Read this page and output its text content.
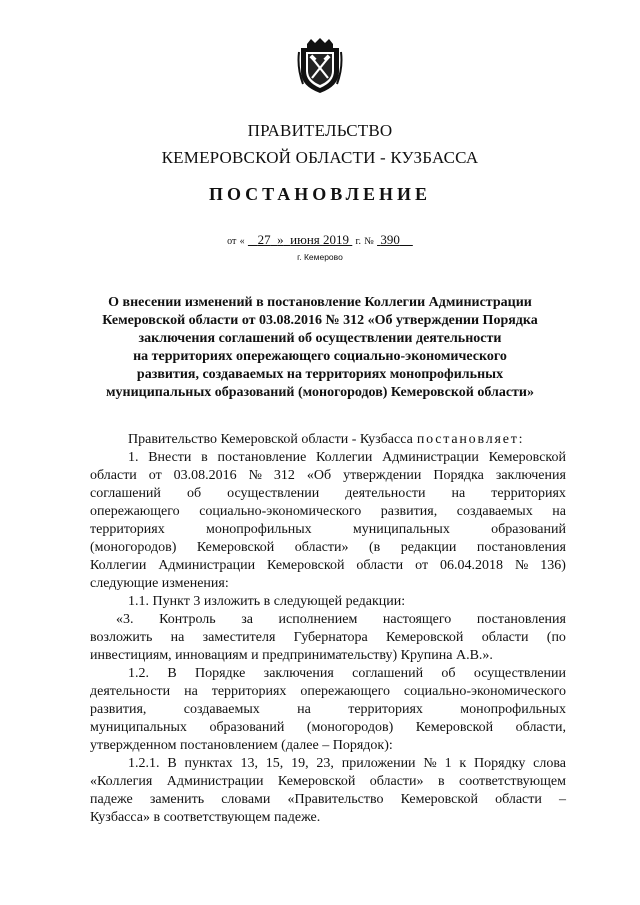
ПРАВИТЕЛЬСТВО
КЕМЕРОВСКОЙ ОБЛАСТИ - КУЗБАССА
ПОСТАНОВЛЕНИЕ
от « 27 » июня 2019 г. № 390
г. Кемерово
О внесении изменений в постановление Коллегии Администрации
Кемеровской области от 03.08.2016 № 312 «Об утверждении Порядка
заключения соглашений об осуществлении деятельности
на территориях опережающего социально-экономического
развития, создаваемых на территориях монопрофильных
муниципальных образований (моногородов) Кемеровской области»
Правительство Кемеровской области - Кузбасса постановляет:
1. Внести в постановление Коллегии Администрации Кемеровской
области от 03.08.2016 № 312 «Об утверждении Порядка заключения
соглашений об осуществлении деятельности на территориях
опережающего социально-экономического развития, создаваемых на
территориях	монопрофильных	муниципальных	образований
(моногородов) Кемеровской области» (в редакции постановления
Коллегии Администрации Кемеровской области от 06.04.2018 № 136)
следующие изменения:
1.1. Пункт 3 изложить в следующей редакции:
«3. Контроль за исполнением настоящего постановления
возложить на заместителя Губернатора Кемеровской области (по
инвестициям, инновациям и предпринимательству) Крупина А.В.».
1.2. В Порядке заключения соглашений об осуществлении
деятельности на территориях опережающего социально-экономического
развития,	создаваемых	на	территориях	монопрофильных
муниципальных образований (моногородов) Кемеровской области,
утвержденном постановлением (далее – Порядок):
1.2.1. В пунктах 13, 15, 19, 23, приложении № 1 к Порядку слова
«Коллегия Администрации Кемеровской области» в соответствующем
падеже заменить словами «Правительство Кемеровской области –
Кузбасса» в соответствующем падеже.
